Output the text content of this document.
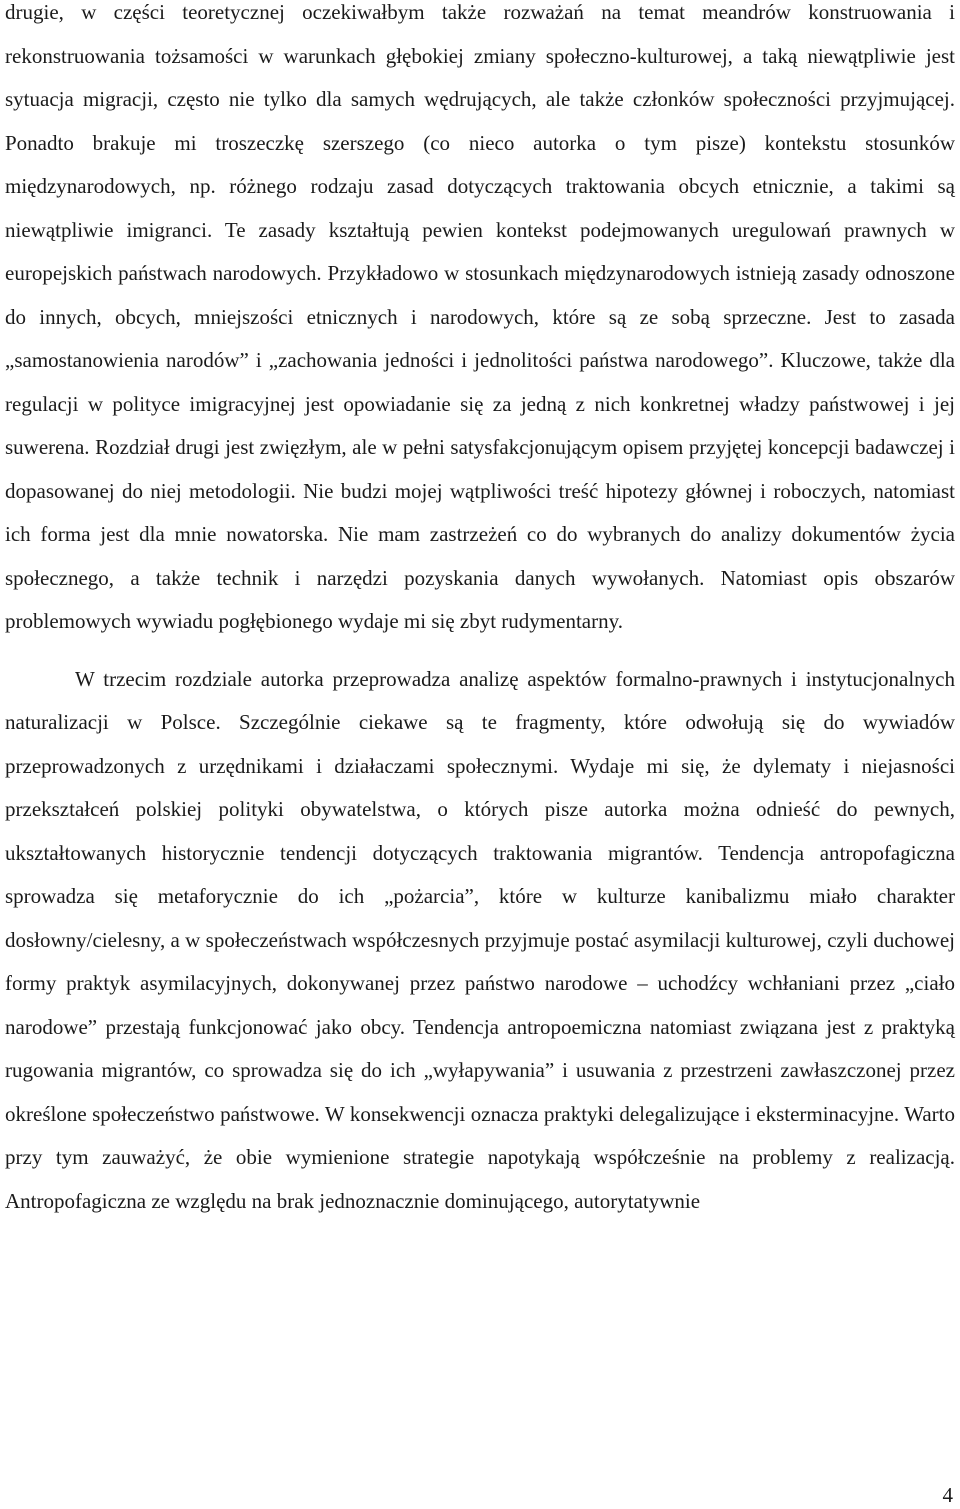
drugie, w części teoretycznej oczekiwałbym także rozważań na temat meandrów konstruowania i rekonstruowania tożsamości w warunkach głębokiej zmiany społeczno-kulturowej, a taką niewątpliwie jest sytuacja migracji, często nie tylko dla samych wędrujących, ale także członków społeczności przyjmującej. Ponadto brakuje mi troszeczkę szerszego (co nieco autorka o tym pisze) kontekstu stosunków międzynarodowych, np. różnego rodzaju zasad dotyczących traktowania obcych etnicznie, a takimi są niewątpliwie imigranci. Te zasady kształtują pewien kontekst podejmowanych uregulowań prawnych w europejskich państwach narodowych. Przykładowo w stosunkach międzynarodowych istnieją zasady odnoszone do innych, obcych, mniejszości etnicznych i narodowych, które są ze sobą sprzeczne. Jest to zasada „samostanowienia narodów” i „zachowania jedności i jednolitości państwa narodowego”. Kluczowe, także dla regulacji w polityce imigracyjnej jest opowiadanie się za jedną z nich konkretnej władzy państwowej i jej suwerena. Rozdział drugi jest zwięzłym, ale w pełni satysfakcjonującym opisem przyjętej koncepcji badawczej i dopasowanej do niej metodologii. Nie budzi mojej wątpliwości treść hipotezy głównej i roboczych, natomiast ich forma jest dla mnie nowatorska. Nie mam zastrzeżeń co do wybranych do analizy dokumentów życia społecznego, a także technik i narzędzi pozyskania danych wywołanych. Natomiast opis obszarów problemowych wywiadu pogłębionego wydaje mi się zbyt rudymentarny.

W trzecim rozdziale autorka przeprowadza analizę aspektów formalno-prawnych i instytucjonalnych naturalizacji w Polsce. Szczególnie ciekawe są te fragmenty, które odwołują się do wywiadów przeprowadzonych z urzędnikami i działaczami społecznymi. Wydaje mi się, że dylematy i niejasności przekształceń polskiej polityki obywatelstwa, o których pisze autorka można odnieść do pewnych, ukształtowanych historycznie tendencji dotyczących traktowania migrantów. Tendencja antropofagiczna sprowadza się metaforycznie do ich „pożarcia”, które w kulturze kanibalizmu miało charakter dosłowny/cielesny, a w społeczeństwach współczesnych przyjmuje postać asymilacji kulturowej, czyli duchowej formy praktyk asymilacyjnych, dokonywanej przez państwo narodowe – uchodźcy wchłaniani przez „ciało narodowe” przestają funkcjonować jako obcy. Tendencja antropoemiczna natomiast związana jest z praktyką rugowania migrantów, co sprowadza się do ich „wyłapywania” i usuwania z przestrzeni zawłaszczonej przez określone społeczeństwo państwowe. W konsekwencji oznacza praktyki delegalizujące i eksterminacyjne. Warto przy tym zauważyć, że obie wymienione strategie napotykają współcześnie na problemy z realizacją. Antropofagiczna ze względu na brak jednoznacznie dominującego, autorytatywnie

4
